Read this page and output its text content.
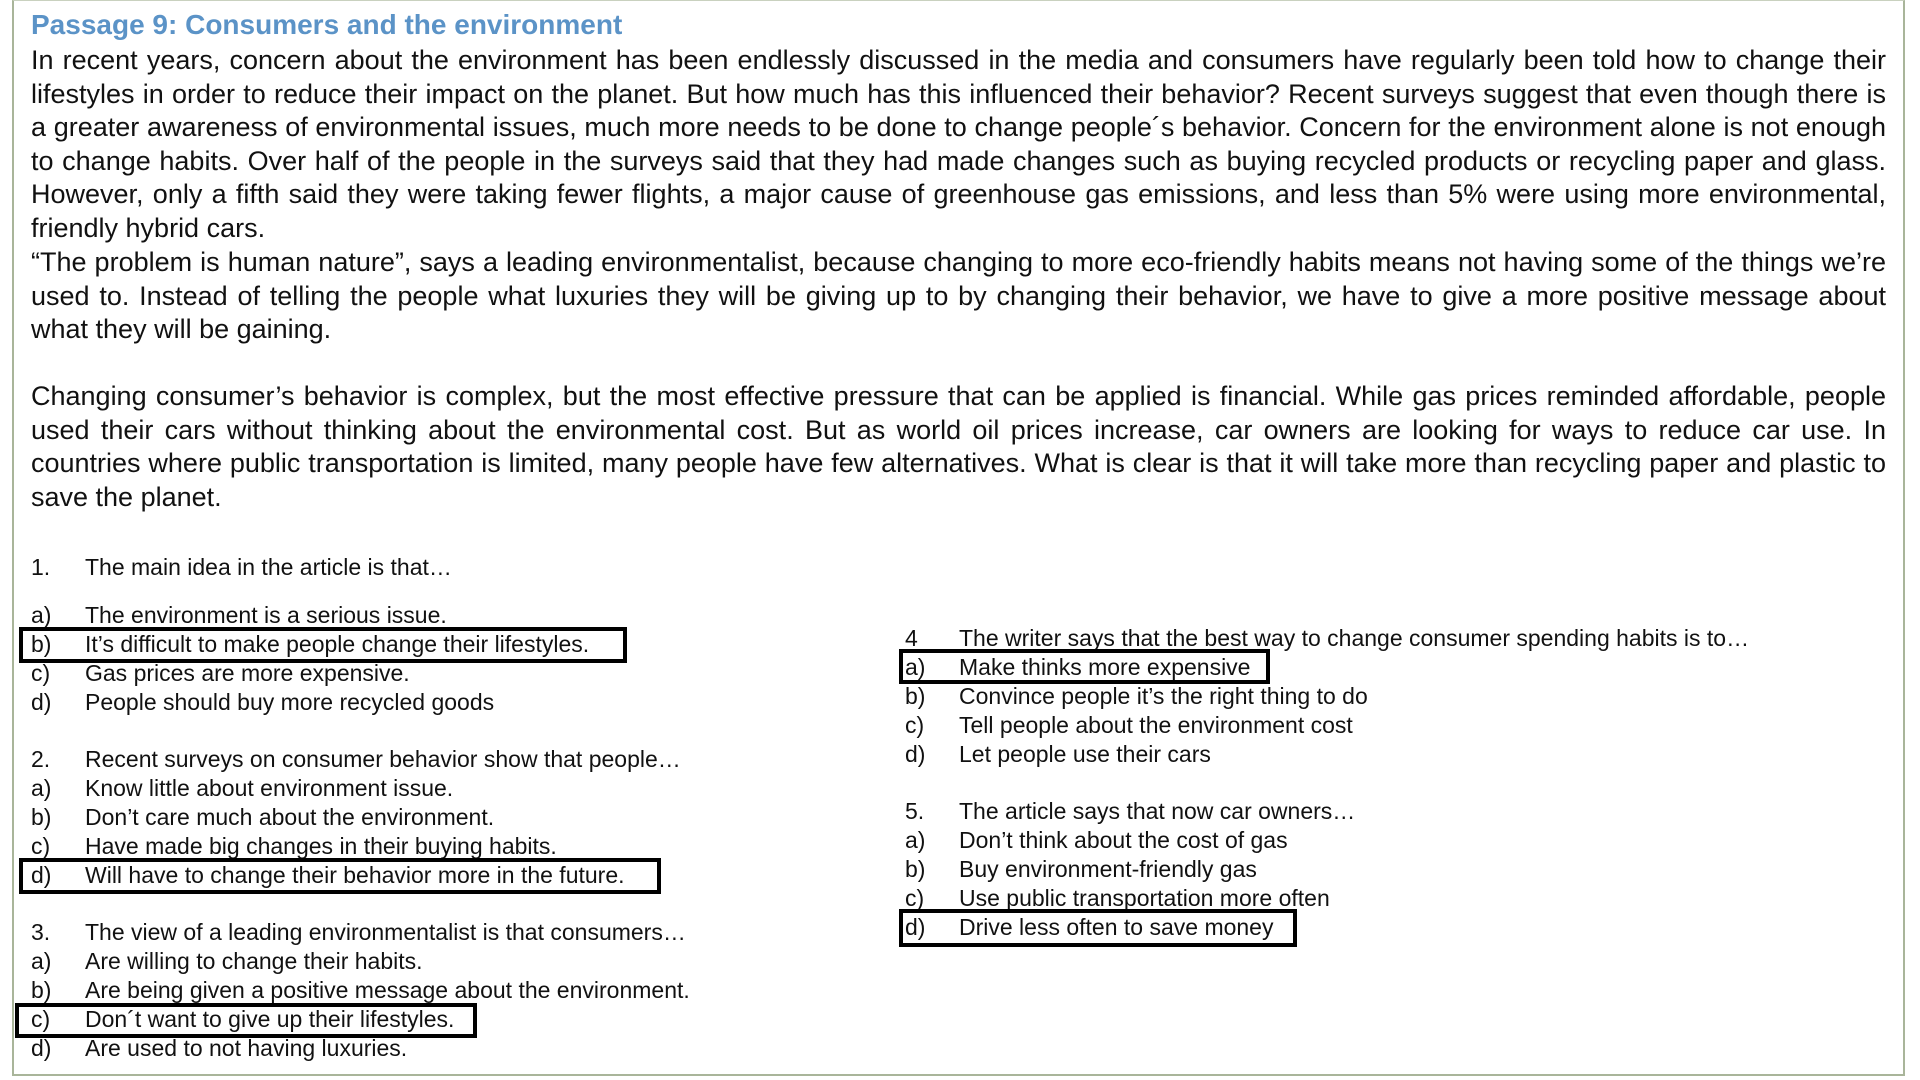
Passage 9: Consumers and the environment

In recent years, concern about the environment has been endlessly discussed in the media and consumers have regularly been told how to change their lifestyles in order to reduce their impact on the planet. But how much has this influenced their behavior? Recent surveys suggest that even though there is a greater awareness of environmental issues, much more needs to be done to change people´s behavior. Concern for the environment alone is not enough to change habits. Over half of the people in the surveys said that they had made changes such as buying recycled products or recycling paper and glass. However, only a fifth said they were taking fewer flights, a major cause of greenhouse gas emissions, and less than 5% were using more environmental, friendly hybrid cars.

“The problem is human nature”, says a leading environmentalist, because changing to more eco-friendly habits means not having some of the things we’re used to. Instead of telling the people what luxuries they will be giving up to by changing their behavior, we have to give a more positive message about what they will be gaining.

Changing consumer’s behavior is complex, but the most effective pressure that can be applied is financial. While gas prices reminded affordable, people used their cars without thinking about the environmental cost. But as world oil prices increase, car owners are looking for ways to reduce car use. In countries where public transportation is limited, many people have few alternatives. What is clear is that it will take more than recycling paper and plastic to save the planet.

1. The main idea in the article is that…
a) The environment is a serious issue.
b) It’s difficult to make people change their lifestyles.
c) Gas prices are more expensive.
d) People should buy more recycled goods
2. Recent surveys on consumer behavior show that people…
a) Know little about environment issue.
b) Don’t care much about the environment.
c) Have made big changes in their buying habits.
d) Will have to change their behavior more in the future.
3. The view of a leading environmentalist is that consumers…
a) Are willing to change their habits.
b) Are being given a positive message about the environment.
c) Don´t want to give up their lifestyles.
d) Are used to not having luxuries.
4 The writer says that the best way to change consumer spending habits is to…
a) Make thinks more expensive
b) Convince people it’s the right thing to do
c) Tell people about the environment cost
d) Let people use their cars
5. The article says that now car owners…
a) Don’t think about the cost of gas
b) Buy environment-friendly gas
c) Use public transportation more often
d) Drive less often to save money
